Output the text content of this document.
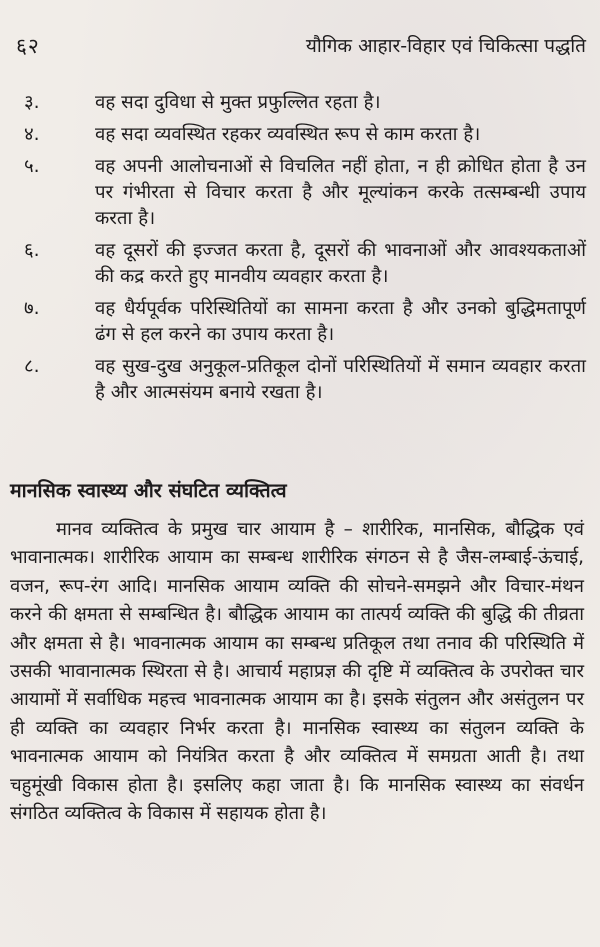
६२	यौगिक आहार-विहार एवं चिकित्सा पद्धति
३.	वह सदा दुविधा से मुक्त प्रफुल्लित रहता है।
४.	वह सदा व्यवस्थित रहकर व्यवस्थित रूप से काम करता है।
५.	वह अपनी आलोचनाओं से विचलित नहीं होता, न ही क्रोधित होता है उन पर गंभीरता से विचार करता है और मूल्यांकन करके तत्सम्बन्धी उपाय करता है।
६.	वह दूसरों की इज्जत करता है, दूसरों की भावनाओं और आवश्यकताओं की कद्र करते हुए मानवीय व्यवहार करता है।
७.	वह धैर्यपूर्वक परिस्थितियों का सामना करता है और उनको बुद्धिमतापूर्ण ढंग से हल करने का उपाय करता है।
८.	वह सुख-दुख अनुकूल-प्रतिकूल दोनों परिस्थितियों में समान व्यवहार करता है और आत्मसंयम बनाये रखता है।
मानसिक स्वास्थ्य और संघटित व्यक्तित्व

मानव व्यक्तित्व के प्रमुख चार आयाम है – शारीरिक, मानसिक, बौद्धिक एवं भावानात्मक। शारीरिक आयाम का सम्बन्ध शारीरिक संगठन से है जैस-लम्बाई-ऊंचाई, वजन, रूप-रंग आदि। मानसिक आयाम व्यक्ति की सोचने-समझने और विचार-मंथन करने की क्षमता से सम्बन्धित है। बौद्धिक आयाम का तात्पर्य व्यक्ति की बुद्धि की तीव्रता और क्षमता से है। भावनात्मक आयाम का सम्बन्ध प्रतिकूल तथा तनाव की परिस्थिति में उसकी भावानात्मक स्थिरता से है। आचार्य महाप्रज्ञ की दृष्टि में व्यक्तित्व के उपरोक्त चार आयामों में सर्वाधिक महत्त्व भावनात्मक आयाम का है। इसके संतुलन और असंतुलन पर ही व्यक्ति का व्यवहार निर्भर करता है। मानसिक स्वास्थ्य का संतुलन व्यक्ति के भावनात्मक आयाम को नियंत्रित करता है और व्यक्तित्व में समग्रता आती है। तथा चहुमूंखी विकास होता है। इसलिए कहा जाता है। कि मानसिक स्वास्थ्य का संवर्धन संगठित व्यक्तित्व के विकास में सहायक होता है।
